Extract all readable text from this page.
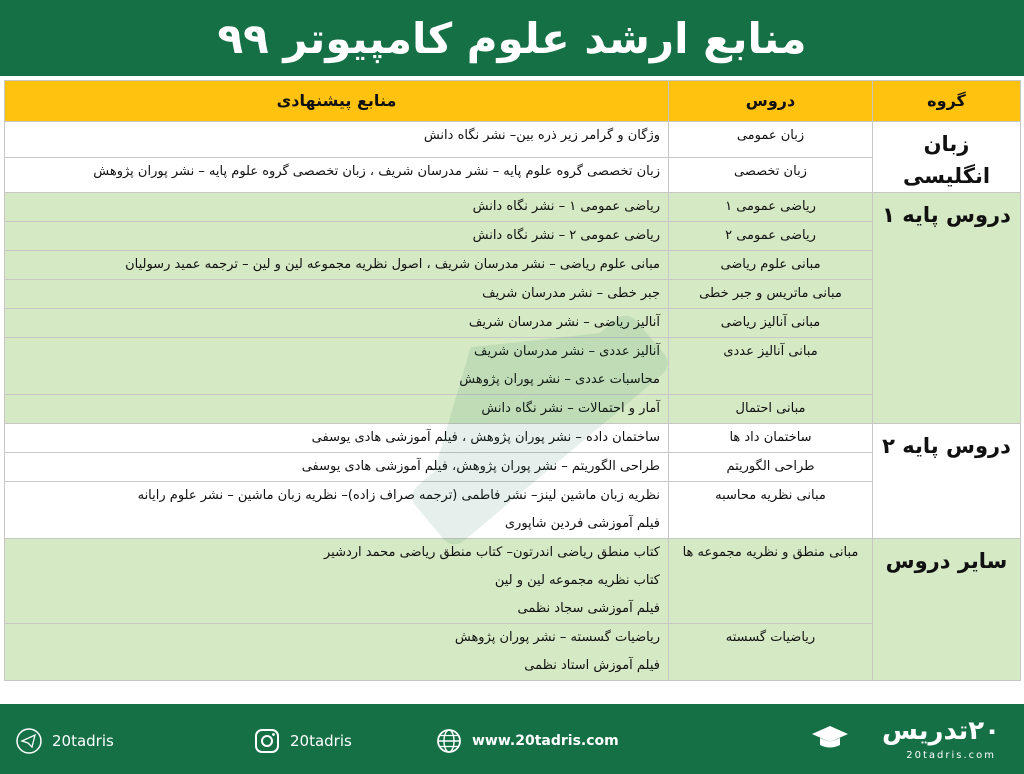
منابع ارشد علوم کامپیوتر ۹۹
گروه	دروس	منابع پیشنهادی
زبان انگلیسی	زبان عمومی	وژگان و گرامر زیر ذره بین– نشر نگاه دانش

	زبان تخصصی	زبان تخصصی گروه علوم پایه – نشر مدرسان شریف ، زبان تخصصی گروه علوم پایه – نشر پوران پژوهش

دروس پایه ۱	ریاضی عمومی ۱	ریاضی عمومی ۱ – نشر نگاه دانش

	ریاضی عمومی ۲	ریاضی عمومی ۲ – نشر نگاه دانش

	مبانی علوم ریاضی	مبانی علوم ریاضی – نشر مدرسان شریف ، اصول نظریه مجموعه لین و لین – ترجمه عمید رسولیان

	مبانی ماتریس و جبر خطی	جبر خطی – نشر مدرسان شریف

	مبانی آنالیز ریاضی	آنالیز ریاضی – نشر مدرسان شریف

	مبانی آنالیز عددی	آنالیز عددی – نشر مدرسان شریف
محاسبات عددی – نشر پوران پژوهش

	مبانی احتمال	آمار و احتمالات – نشر نگاه دانش

دروس پایه ۲	ساختمان داد ها	ساختمان داده – نشر پوران پژوهش ، فیلم آموزشی هادی یوسفی

	طراحی الگوریتم	طراحی الگوریتم – نشر پوران پژوهش، فیلم آموزشی هادی یوسفی

	مبانی نظریه محاسبه	نظریه زبان ماشین لینز– نشر فاطمی (ترجمه صراف زاده)– نظریه زبان ماشین – نشر علوم رایانه
فیلم آموزشی فردین شاپوری

سایر دروس	مبانی منطق و نظریه مجموعه ها	کتاب منطق ریاضی اندرتون– کتاب منطق ریاضی محمد اردشیر
کتاب نظریه مجموعه لین و لین
فیلم آموزشی سجاد نظمی

	ریاضیات گسسته	ریاضیات گسسته – نشر پوران پژوهش
فیلم آموزش استاد نظمی
20tadris	20tadris	www.20tadris.com	۲۰تدریس
20tadris.com
